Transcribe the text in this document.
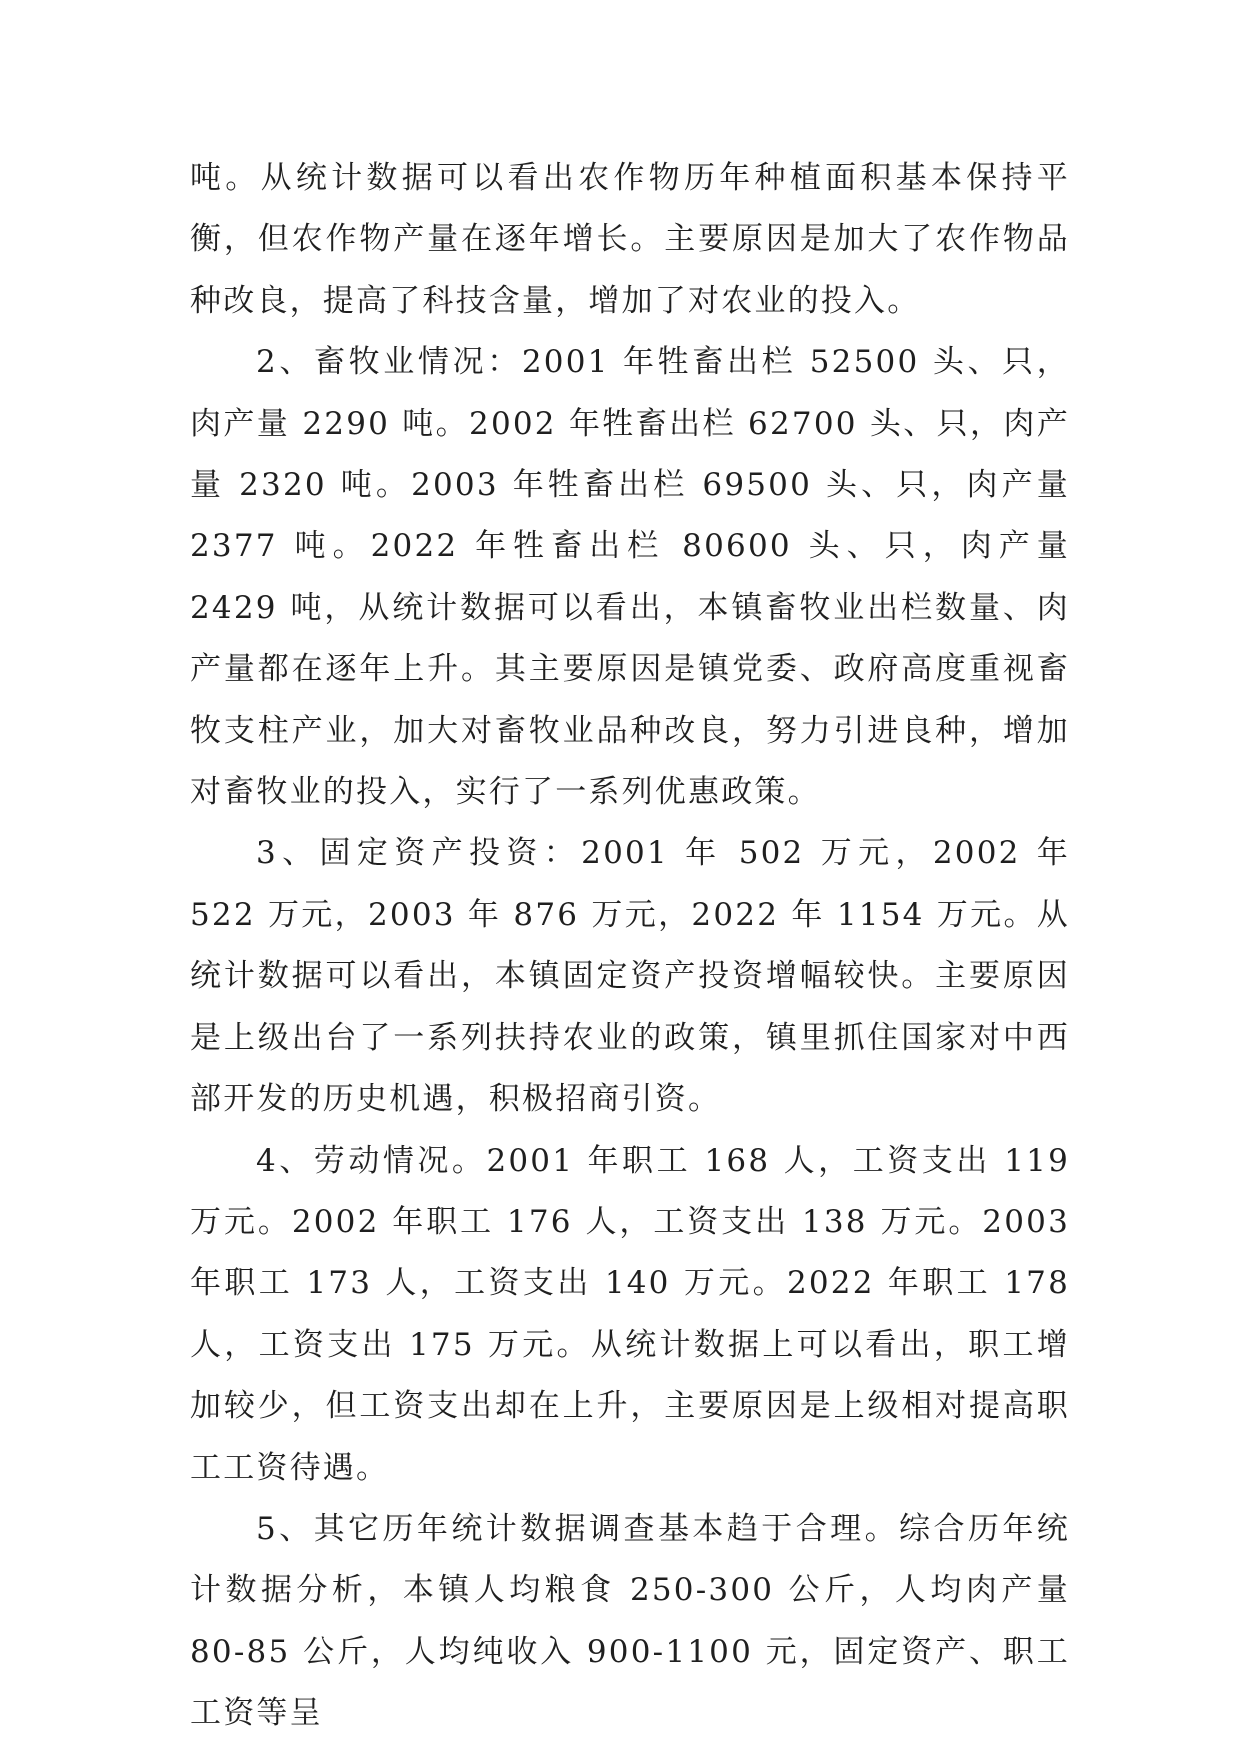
吨。从统计数据可以看出农作物历年种植面积基本保持平衡，但农作物产量在逐年增长。主要原因是加大了农作物品种改良，提高了科技含量，增加了对农业的投入。

2、畜牧业情况：2001 年牲畜出栏 52500 头、只，肉产量 2290 吨。2002 年牲畜出栏 62700 头、只，肉产量 2320 吨。2003 年牲畜出栏 69500 头、只，肉产量 2377 吨。2022 年牲畜出栏 80600 头、只，肉产量 2429 吨，从统计数据可以看出，本镇畜牧业出栏数量、肉产量都在逐年上升。其主要原因是镇党委、政府高度重视畜牧支柱产业，加大对畜牧业品种改良，努力引进良种，增加对畜牧业的投入，实行了一系列优惠政策。

3、固定资产投资：2001 年 502 万元，2002 年 522 万元，2003 年 876 万元，2022 年 1154 万元。从统计数据可以看出，本镇固定资产投资增幅较快。主要原因是上级出台了一系列扶持农业的政策，镇里抓住国家对中西部开发的历史机遇，积极招商引资。

4、劳动情况。2001 年职工 168 人，工资支出 119 万元。2002 年职工 176 人，工资支出 138 万元。2003 年职工 173 人，工资支出 140 万元。2022 年职工 178 人，工资支出 175 万元。从统计数据上可以看出，职工增加较少，但工资支出却在上升，主要原因是上级相对提高职工工资待遇。

5、其它历年统计数据调查基本趋于合理。综合历年统计数据分析，本镇人均粮食 250-300 公斤，人均肉产量 80-85 公斤，人均纯收入 900-1100 元，固定资产、职工工资等呈
